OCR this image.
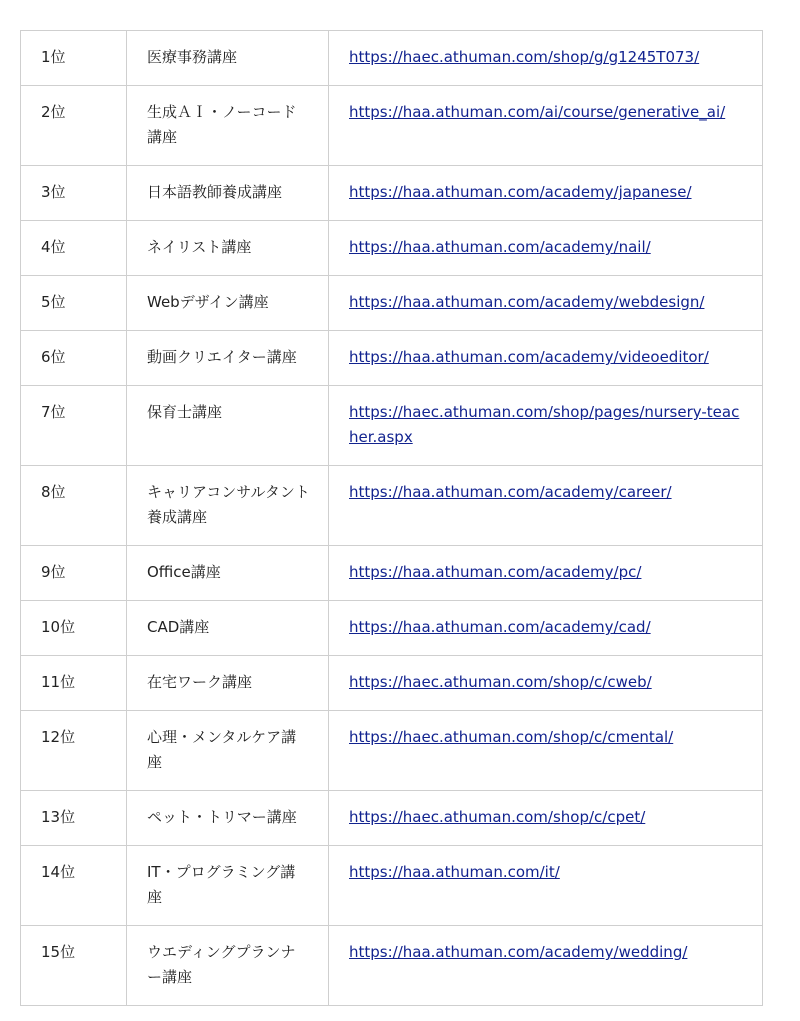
1位	医療事務講座	https://haec.athuman.com/shop/g/g1245T073/
2位	生成ＡＩ・ノーコード講座	https://haa.athuman.com/ai/course/generative_ai/
3位	日本語教師養成講座	https://haa.athuman.com/academy/japanese/
4位	ネイリスト講座	https://haa.athuman.com/academy/nail/
5位	Webデザイン講座	https://haa.athuman.com/academy/webdesign/
6位	動画クリエイター講座	https://haa.athuman.com/academy/videoeditor/
7位	保育士講座	https://haec.athuman.com/shop/pages/nursery-teacher.aspx
8位	キャリアコンサルタント養成講座	https://haa.athuman.com/academy/career/
9位	Office講座	https://haa.athuman.com/academy/pc/
10位	CAD講座	https://haa.athuman.com/academy/cad/
11位	在宅ワーク講座	https://haec.athuman.com/shop/c/cweb/
12位	心理・メンタルケア講座	https://haec.athuman.com/shop/c/cmental/
13位	ペット・トリマー講座	https://haec.athuman.com/shop/c/cpet/
14位	IT・プログラミング講座	https://haa.athuman.com/it/
15位	ウエディングプランナー講座	https://haa.athuman.com/academy/wedding/
